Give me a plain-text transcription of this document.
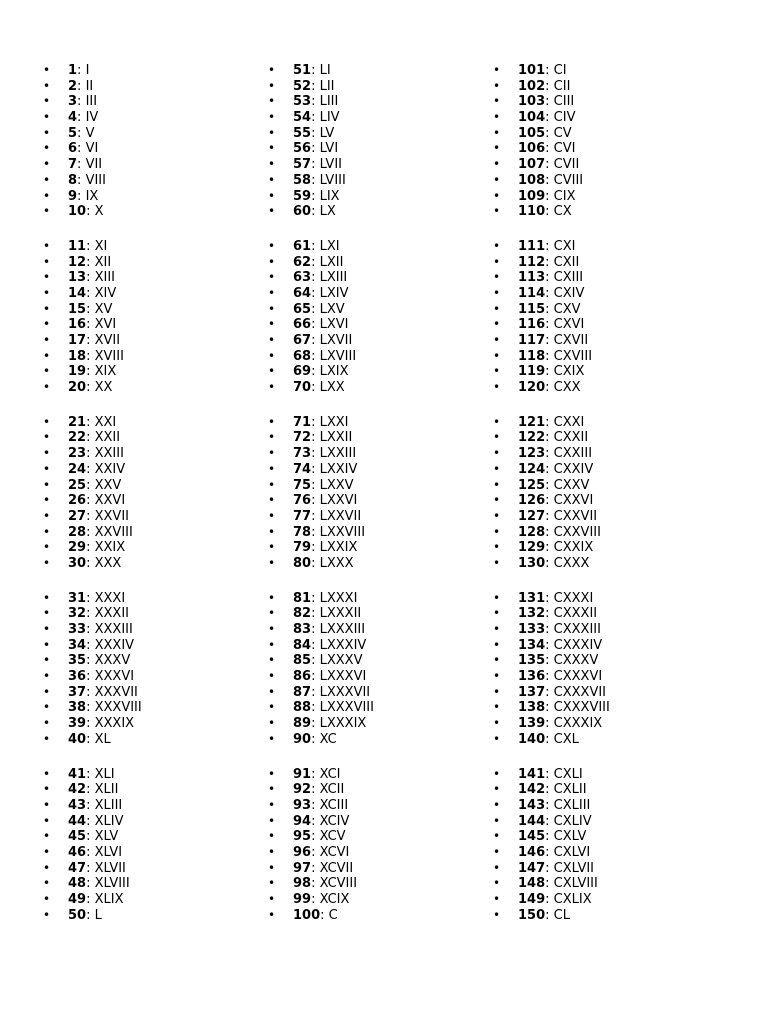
• 1: I
• 2: II
• 3: III
• 4: IV
• 5: V
• 6: VI
• 7: VII
• 8: VIII
• 9: IX
• 10: X
• 11: XI
• 12: XII
• 13: XIII
• 14: XIV
• 15: XV
• 16: XVI
• 17: XVII
• 18: XVIII
• 19: XIX
• 20: XX
• 21: XXI
• 22: XXII
• 23: XXIII
• 24: XXIV
• 25: XXV
• 26: XXVI
• 27: XXVII
• 28: XXVIII
• 29: XXIX
• 30: XXX
• 31: XXXI
• 32: XXXII
• 33: XXXIII
• 34: XXXIV
• 35: XXXV
• 36: XXXVI
• 37: XXXVII
• 38: XXXVIII
• 39: XXXIX
• 40: XL
• 41: XLI
• 42: XLII
• 43: XLIII
• 44: XLIV
• 45: XLV
• 46: XLVI
• 47: XLVII
• 48: XLVIII
• 49: XLIX
• 50: L
• 51: LI
• 52: LII
• 53: LIII
• 54: LIV
• 55: LV
• 56: LVI
• 57: LVII
• 58: LVIII
• 59: LIX
• 60: LX
• 61: LXI
• 62: LXII
• 63: LXIII
• 64: LXIV
• 65: LXV
• 66: LXVI
• 67: LXVII
• 68: LXVIII
• 69: LXIX
• 70: LXX
• 71: LXXI
• 72: LXXII
• 73: LXXIII
• 74: LXXIV
• 75: LXXV
• 76: LXXVI
• 77: LXXVII
• 78: LXXVIII
• 79: LXXIX
• 80: LXXX
• 81: LXXXI
• 82: LXXXII
• 83: LXXXIII
• 84: LXXXIV
• 85: LXXXV
• 86: LXXXVI
• 87: LXXXVII
• 88: LXXXVIII
• 89: LXXXIX
• 90: XC
• 91: XCI
• 92: XCII
• 93: XCIII
• 94: XCIV
• 95: XCV
• 96: XCVI
• 97: XCVII
• 98: XCVIII
• 99: XCIX
• 100: C
• 101: CI
• 102: CII
• 103: CIII
• 104: CIV
• 105: CV
• 106: CVI
• 107: CVII
• 108: CVIII
• 109: CIX
• 110: CX
• 111: CXI
• 112: CXII
• 113: CXIII
• 114: CXIV
• 115: CXV
• 116: CXVI
• 117: CXVII
• 118: CXVIII
• 119: CXIX
• 120: CXX
• 121: CXXI
• 122: CXXII
• 123: CXXIII
• 124: CXXIV
• 125: CXXV
• 126: CXXVI
• 127: CXXVII
• 128: CXXVIII
• 129: CXXIX
• 130: CXXX
• 131: CXXXI
• 132: CXXXII
• 133: CXXXIII
• 134: CXXXIV
• 135: CXXXV
• 136: CXXXVI
• 137: CXXXVII
• 138: CXXXVIII
• 139: CXXXIX
• 140: CXL
• 141: CXLI
• 142: CXLII
• 143: CXLIII
• 144: CXLIV
• 145: CXLV
• 146: CXLVI
• 147: CXLVII
• 148: CXLVIII
• 149: CXLIX
• 150: CL
